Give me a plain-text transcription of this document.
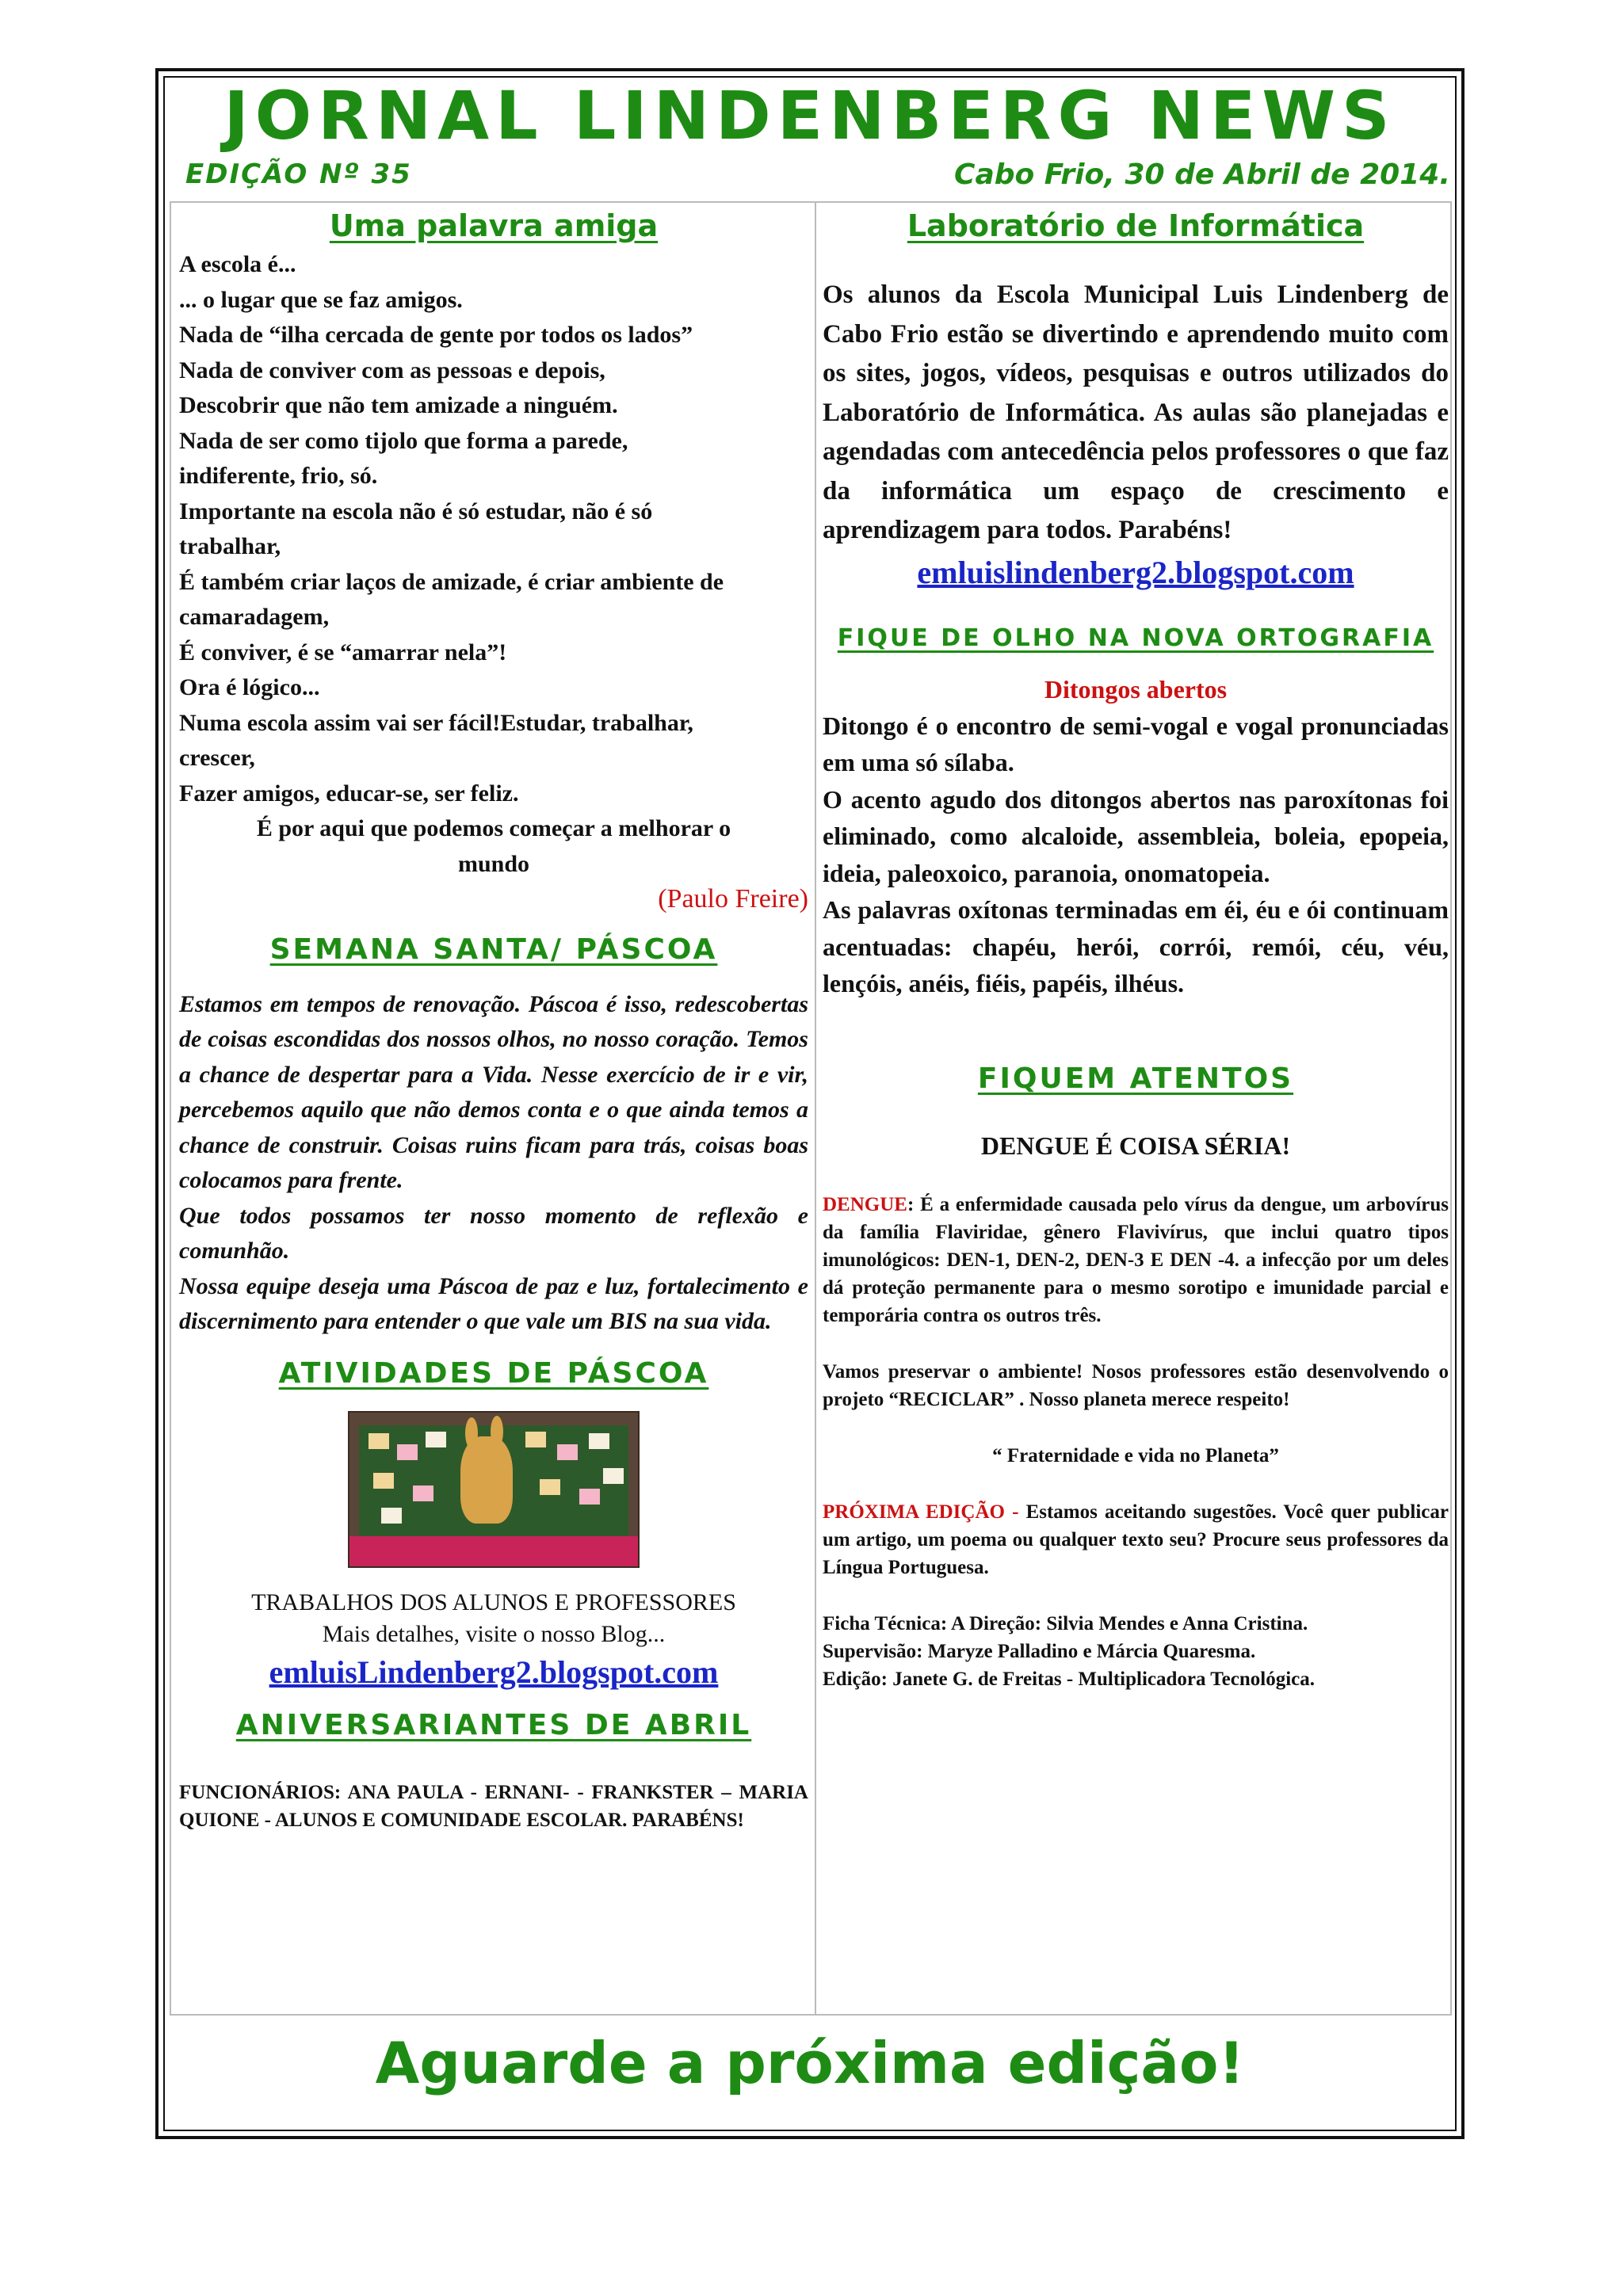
JORNAL LINDENBERG NEWS
EDIÇÃO Nº 35	Cabo Frio, 30 de Abril de 2014.
Uma palavra amiga

A escola é...

... o lugar que se faz amigos.

Nada de “ilha cercada de gente por todos os lados”

Nada de conviver com as pessoas e depois,

Descobrir que não tem amizade a ninguém.

Nada de ser como tijolo que forma a parede,

indiferente, frio, só.

Importante na escola não é só estudar, não é só

trabalhar,

É também criar laços de amizade, é criar ambiente de

camaradagem,

É conviver, é se “amarrar nela”!

Ora é lógico...

Numa escola assim vai ser fácil!Estudar, trabalhar,

crescer,

Fazer amigos, educar-se, ser feliz.

É por aqui que podemos começar a melhorar o

mundo

(Paulo Freire)

SEMANA SANTA/ PÁSCOA

Estamos em tempos de renovação. Páscoa é isso, redescobertas de coisas escondidas dos nossos olhos, no nosso coração. Temos a chance de despertar para a Vida. Nesse exercício de ir e vir, percebemos aquilo que não demos conta e o que ainda temos a chance de construir. Coisas ruins ficam para trás, coisas boas colocamos para frente.

Que todos possamos ter nosso momento de reflexão e comunhão.

Nossa equipe deseja uma Páscoa de paz e luz, fortalecimento e discernimento para entender o que vale um BIS na sua vida.

ATIVIDADES DE PÁSCOA

TRABALHOS DOS ALUNOS E PROFESSORES

Mais detalhes, visite o nosso Blog...

emluisLindenberg2.blogspot.com
ANIVERSARIANTES DE ABRIL

FUNCIONÁRIOS: ANA PAULA - ERNANI- - FRANKSTER – MARIA QUIONE - ALUNOS E COMUNIDADE ESCOLAR. PARABÉNS!

Laboratório de Informática

Os alunos da Escola Municipal Luis Lindenberg de Cabo Frio estão se divertindo e aprendendo muito com os sites, jogos, vídeos, pesquisas e outros utilizados do Laboratório de Informática. As aulas são planejadas e agendadas com antecedência pelos professores o que faz da informática um espaço de crescimento e aprendizagem para todos. Parabéns!

emluislindenberg2.blogspot.com
FIQUE DE OLHO NA NOVA ORTOGRAFIA

Ditongos abertos

Ditongo é o encontro de semi-vogal e vogal pronunciadas em uma só sílaba.

O acento agudo dos ditongos abertos nas paroxítonas foi eliminado, como alcaloide, assembleia, boleia, epopeia, ideia, paleoxoico, paranoia, onomatopeia.

As palavras oxítonas terminadas em éi, éu e ói continuam acentuadas: chapéu, herói, corrói, remói, céu, véu, lençóis, anéis, fiéis, papéis, ilhéus.

FIQUEM ATENTOS

DENGUE É COISA SÉRIA!

DENGUE: É a enfermidade causada pelo vírus da dengue, um arbovírus da família Flaviridae, gênero Flavivírus, que inclui quatro tipos imunológicos: DEN-1, DEN-2, DEN-3 E DEN -4. a infecção por um deles dá proteção permanente para o mesmo sorotipo e imunidade parcial e temporária contra os outros três.

Vamos preservar o ambiente! Nosos professores estão desenvolvendo o projeto “RECICLAR” . Nosso planeta merece respeito!

“ Fraternidade e vida no Planeta”

PRÓXIMA EDIÇÃO - Estamos aceitando sugestões. Você quer publicar um artigo, um poema ou qualquer texto seu? Procure seus professores da Língua Portuguesa.

Ficha Técnica: A Direção: Silvia Mendes e Anna Cristina.

Supervisão: Maryze Palladino e Márcia Quaresma.

Edição: Janete G. de Freitas - Multiplicadora Tecnológica.

Aguarde a próxima edição!
